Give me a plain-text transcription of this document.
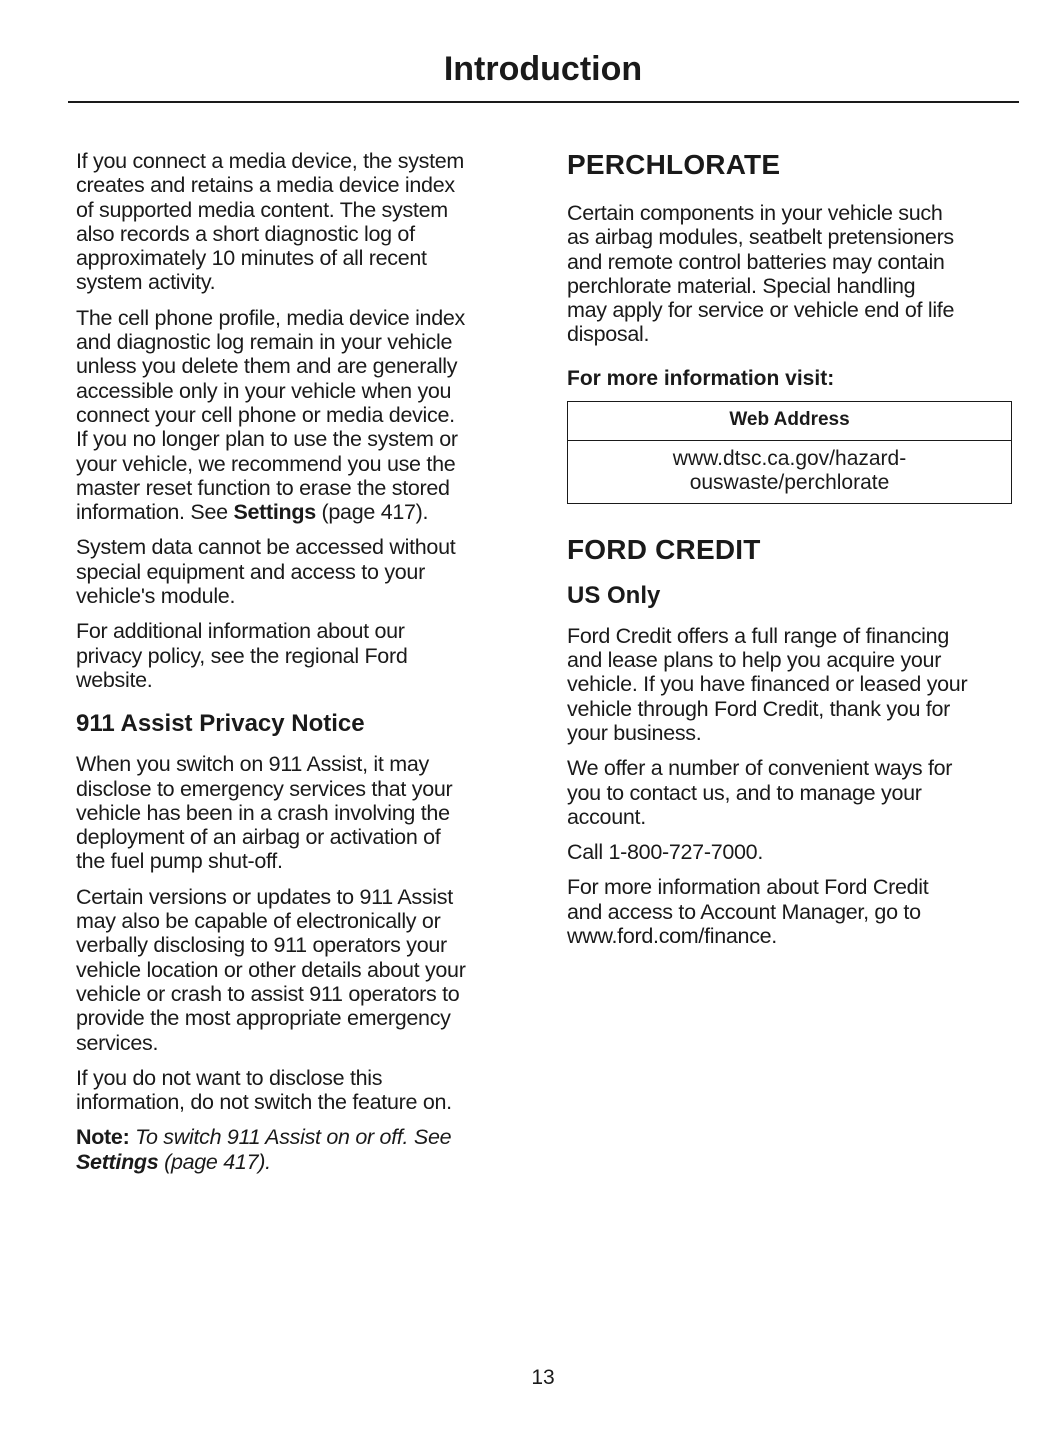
Introduction

If you connect a media device, the system
creates and retains a media device index
of supported media content. The system
also records a short diagnostic log of
approximately 10 minutes of all recent
system activity.

The cell phone profile, media device index
and diagnostic log remain in your vehicle
unless you delete them and are generally
accessible only in your vehicle when you
connect your cell phone or media device.
If you no longer plan to use the system or
your vehicle, we recommend you use the
master reset function to erase the stored
information. See Settings (page 417).

System data cannot be accessed without
special equipment and access to your
vehicle's module.

For additional information about our
privacy policy, see the regional Ford
website.

911 Assist Privacy Notice

When you switch on 911 Assist, it may
disclose to emergency services that your
vehicle has been in a crash involving the
deployment of an airbag or activation of
the fuel pump shut-off.

Certain versions or updates to 911 Assist
may also be capable of electronically or
verbally disclosing to 911 operators your
vehicle location or other details about your
vehicle or crash to assist 911 operators to
provide the most appropriate emergency
services.

If you do not want to disclose this
information, do not switch the feature on.

Note: To switch 911 Assist on or off. See
Settings (page 417).

PERCHLORATE

Certain components in your vehicle such
as airbag modules, seatbelt pretensioners
and remote control batteries may contain
perchlorate material. Special handling
may apply for service or vehicle end of life
disposal.

For more information visit:
Web Address
www.dtsc.ca.gov/hazard-
ouswaste/perchlorate
FORD CREDIT
US Only

Ford Credit offers a full range of financing
and lease plans to help you acquire your
vehicle. If you have financed or leased your
vehicle through Ford Credit, thank you for
your business.

We offer a number of convenient ways for
you to contact us, and to manage your
account.

Call 1-800-727-7000.

For more information about Ford Credit
and access to Account Manager, go to
www.ford.com/finance.

13
